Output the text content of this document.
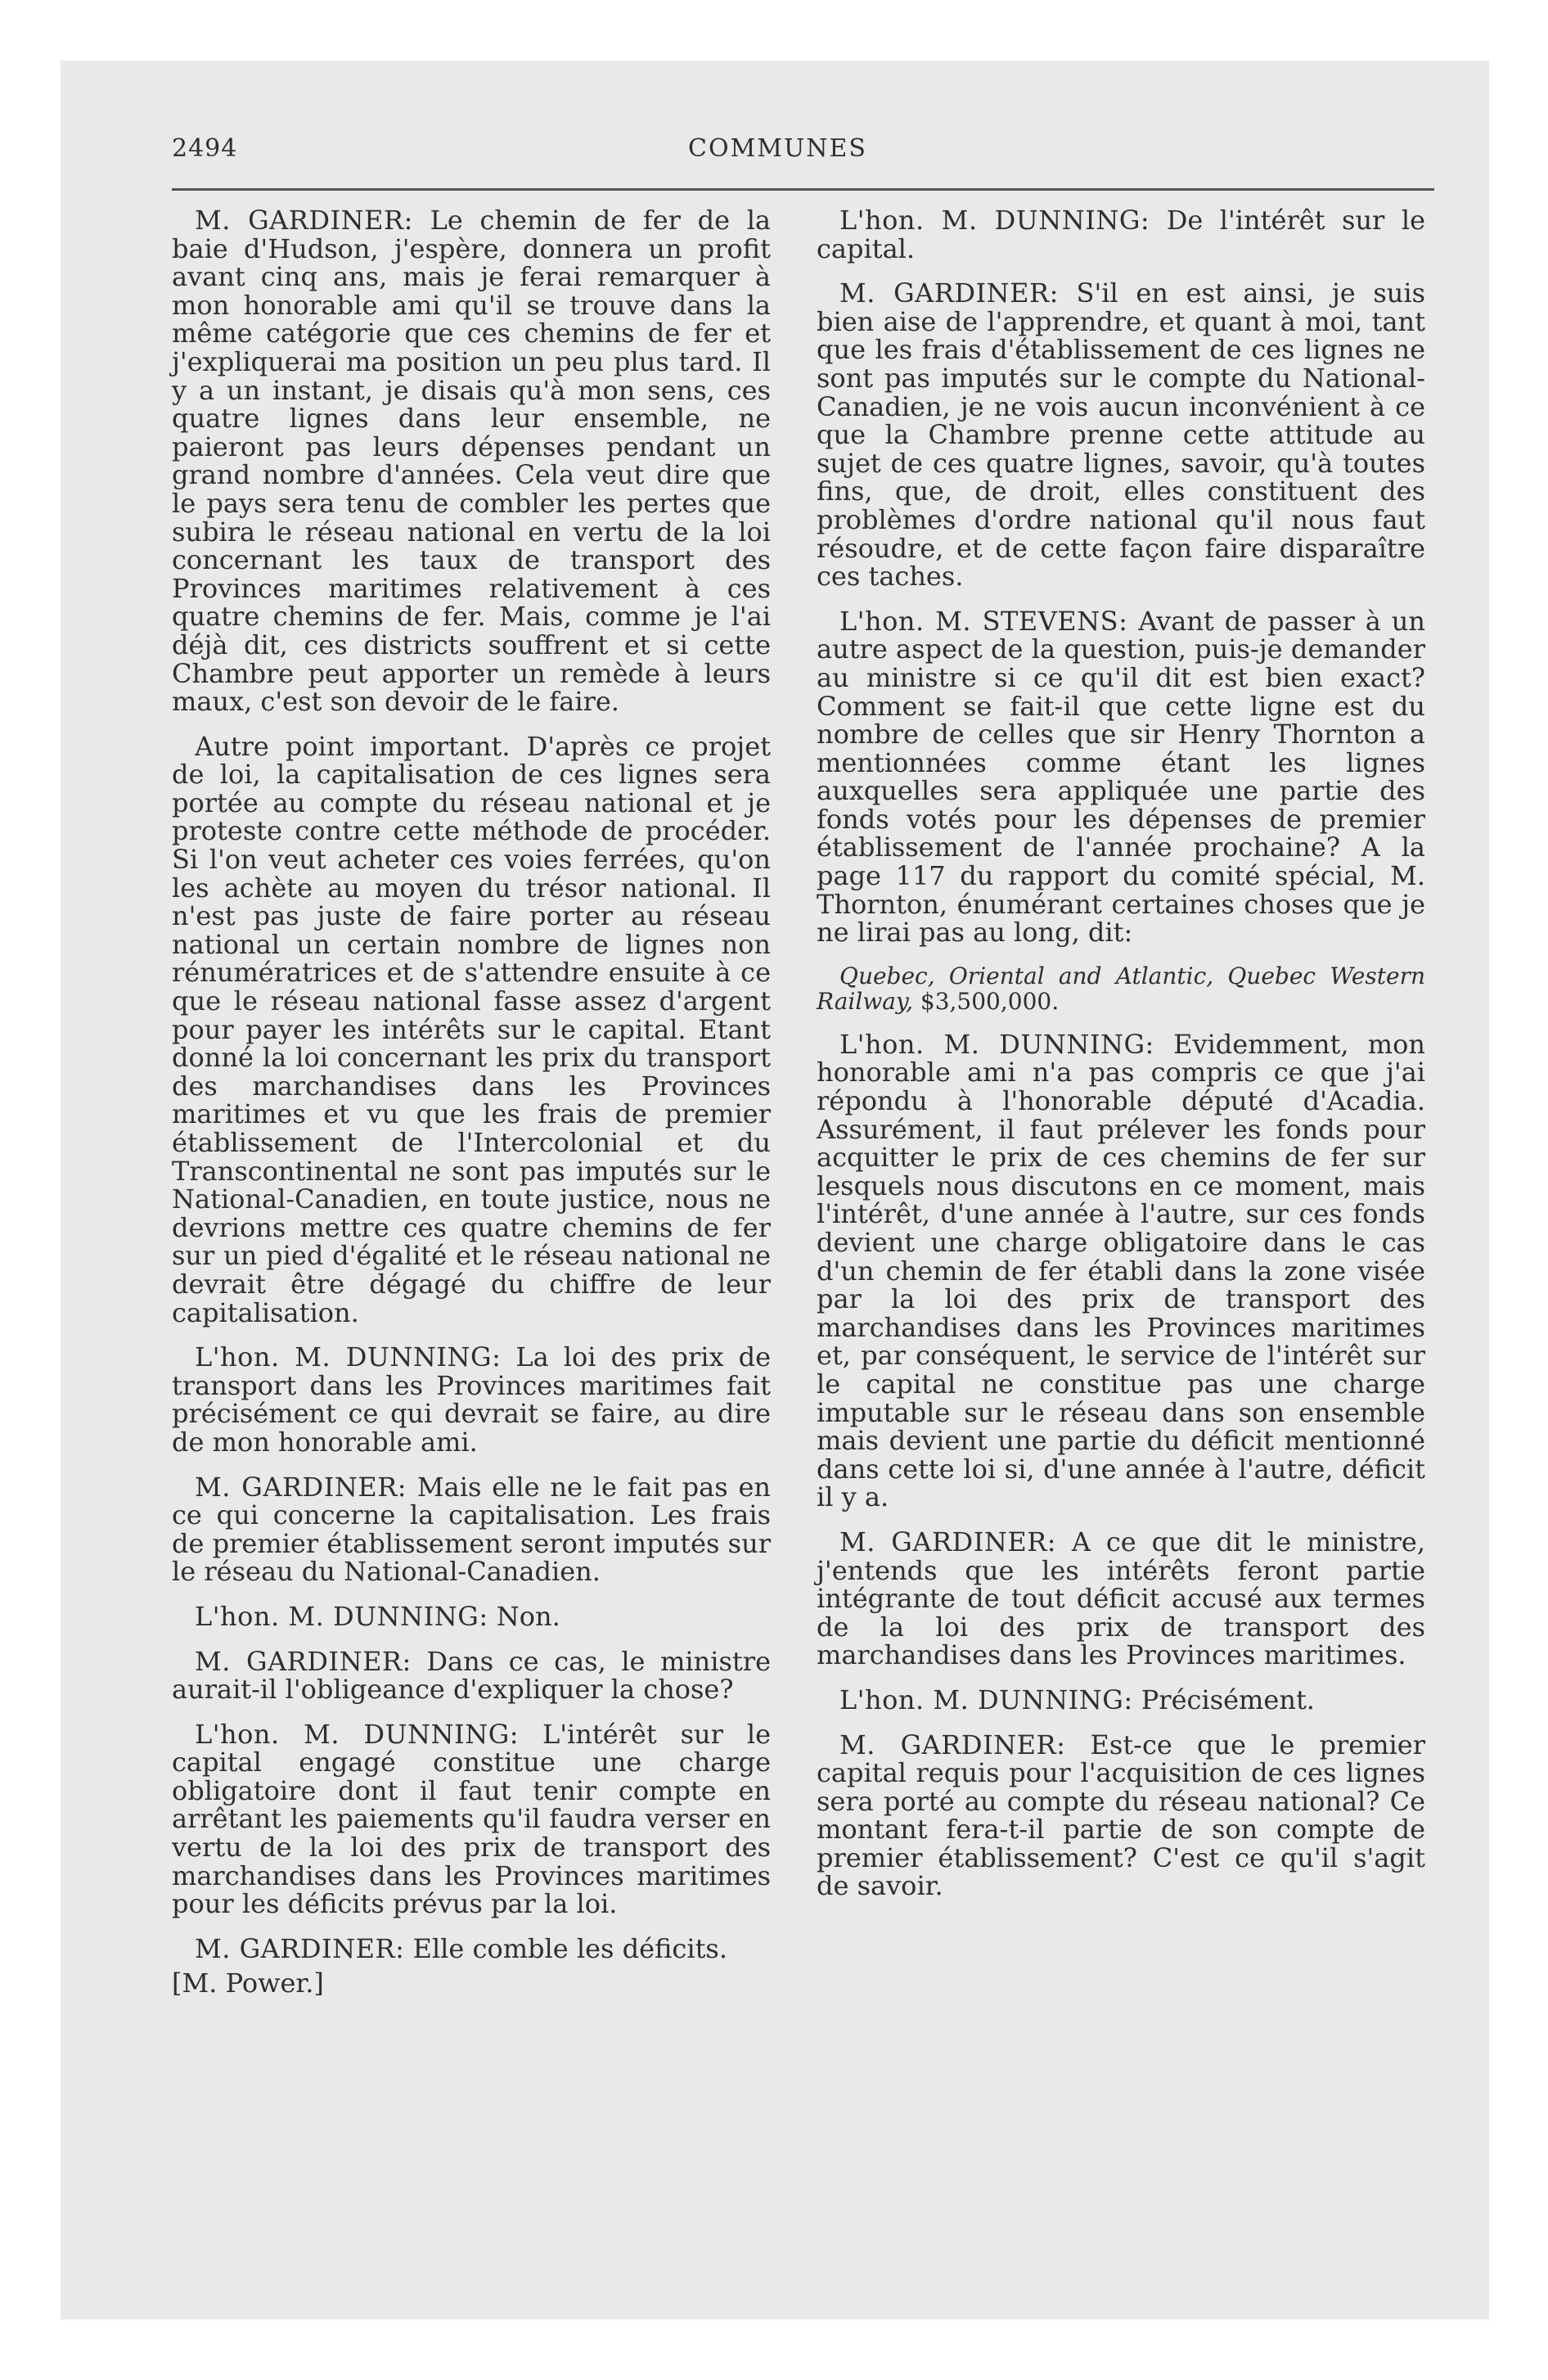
2494	COMMUNES

M. GARDINER: Le chemin de fer de la baie d'Hudson, j'espère, donnera un profit avant cinq ans, mais je ferai remarquer à mon honorable ami qu'il se trouve dans la même catégorie que ces chemins de fer et j'expliquerai ma position un peu plus tard. Il y a un instant, je disais qu'à mon sens, ces quatre lignes dans leur ensemble, ne paieront pas leurs dépenses pendant un grand nombre d'années. Cela veut dire que le pays sera tenu de combler les pertes que subira le réseau national en vertu de la loi concernant les taux de transport des Provinces maritimes relativement à ces quatre chemins de fer. Mais, comme je l'ai déjà dit, ces districts souffrent et si cette Chambre peut apporter un remède à leurs maux, c'est son devoir de le faire.

Autre point important. D'après ce projet de loi, la capitalisation de ces lignes sera portée au compte du réseau national et je proteste contre cette méthode de procéder. Si l'on veut acheter ces voies ferrées, qu'on les achète au moyen du trésor national. Il n'est pas juste de faire porter au réseau national un certain nombre de lignes non rénumératrices et de s'attendre ensuite à ce que le réseau national fasse assez d'argent pour payer les intérêts sur le capital. Etant donné la loi concernant les prix du transport des marchandises dans les Provinces maritimes et vu que les frais de premier établissement de l'Intercolonial et du Transcontinental ne sont pas imputés sur le National-Canadien, en toute justice, nous ne devrions mettre ces quatre chemins de fer sur un pied d'égalité et le réseau national ne devrait être dégagé du chiffre de leur capitalisation.

L'hon. M. DUNNING: La loi des prix de transport dans les Provinces maritimes fait précisément ce qui devrait se faire, au dire de mon honorable ami.

M. GARDINER: Mais elle ne le fait pas en ce qui concerne la capitalisation. Les frais de premier établissement seront imputés sur le réseau du National-Canadien.

L'hon. M. DUNNING: Non.

M. GARDINER: Dans ce cas, le ministre aurait-il l'obligeance d'expliquer la chose?

L'hon. M. DUNNING: L'intérêt sur le capital engagé constitue une charge obligatoire dont il faut tenir compte en arrêtant les paiements qu'il faudra verser en vertu de la loi des prix de transport des marchandises dans les Provinces maritimes pour les déficits prévus par la loi.

M. GARDINER: Elle comble les déficits.

[M. Power.]

L'hon. M. DUNNING: De l'intérêt sur le capital.

M. GARDINER: S'il en est ainsi, je suis bien aise de l'apprendre, et quant à moi, tant que les frais d'établissement de ces lignes ne sont pas imputés sur le compte du National-Canadien, je ne vois aucun inconvénient à ce que la Chambre prenne cette attitude au sujet de ces quatre lignes, savoir, qu'à toutes fins, que, de droit, elles constituent des problèmes d'ordre national qu'il nous faut résoudre, et de cette façon faire disparaître ces taches.

L'hon. M. STEVENS: Avant de passer à un autre aspect de la question, puis-je demander au ministre si ce qu'il dit est bien exact? Comment se fait-il que cette ligne est du nombre de celles que sir Henry Thornton a mentionnées comme étant les lignes auxquelles sera appliquée une partie des fonds votés pour les dépenses de premier établissement de l'année prochaine? A la page 117 du rapport du comité spécial, M. Thornton, énumérant certaines choses que je ne lirai pas au long, dit:

Quebec, Oriental and Atlantic, Quebec Western Railway, $3,500,000.

L'hon. M. DUNNING: Evidemment, mon honorable ami n'a pas compris ce que j'ai répondu à l'honorable député d'Acadia. Assurément, il faut prélever les fonds pour acquitter le prix de ces chemins de fer sur lesquels nous discutons en ce moment, mais l'intérêt, d'une année à l'autre, sur ces fonds devient une charge obligatoire dans le cas d'un chemin de fer établi dans la zone visée par la loi des prix de transport des marchandises dans les Provinces maritimes et, par conséquent, le service de l'intérêt sur le capital ne constitue pas une charge imputable sur le réseau dans son ensemble mais devient une partie du déficit mentionné dans cette loi si, d'une année à l'autre, déficit il y a.

M. GARDINER: A ce que dit le ministre, j'entends que les intérêts feront partie intégrante de tout déficit accusé aux termes de la loi des prix de transport des marchandises dans les Provinces maritimes.

L'hon. M. DUNNING: Précisément.

M. GARDINER: Est-ce que le premier capital requis pour l'acquisition de ces lignes sera porté au compte du réseau national? Ce montant fera-t-il partie de son compte de premier établissement? C'est ce qu'il s'agit de savoir.
